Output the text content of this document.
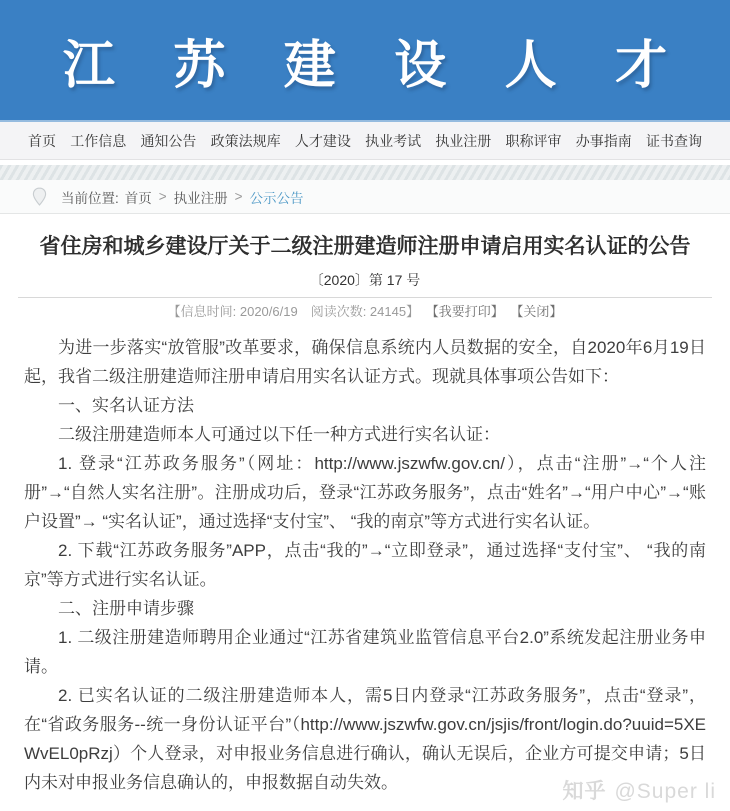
江 苏 建 设 人 才
首页 工作信息 通知公告 政策法规库 人才建设 执业考试 执业注册 职称评审 办事指南 证书查询
当前位置: 首页 > 执业注册 > 公示公告
省住房和城乡建设厅关于二级注册建造师注册申请启用实名认证的公告
〔2020〕第 17 号
【信息时间: 2020/6/19　阅读次数: 24145】 【我要打印】 【关闭】

为进一步落实“放管服”改革要求，确保信息系统内人员数据的安全，自2020年6月19日起，我省二级注册建造师注册申请启用实名认证方式。现就具体事项公告如下：

一、实名认证方法

二级注册建造师本人可通过以下任一种方式进行实名认证：

1. 登录“江苏政务服务”（网址：http://www.jszwfw.gov.cn/），点击“注册”→“个人注册”→“自然人实名注册”。注册成功后，登录“江苏政务服务”，点击“姓名”→“用户中心”→“账户设置”→ “实名认证”，通过选择“支付宝”、 “我的南京”等方式进行实名认证。

2. 下载“江苏政务服务”APP，点击“我的”→“立即登录”，通过选择“支付宝”、 “我的南京”等方式进行实名认证。

二、注册申请步骤

1. 二级注册建造师聘用企业通过“江苏省建筑业监管信息平台2.0”系统发起注册业务申请。

2. 已实名认证的二级注册建造师本人，需5日内登录“江苏政务服务”，点击“登录”，在“省政务服务--统一身份认证平台”（http://www.jszwfw.gov.cn/jsjis/front/login.do?uuid=5XEWvEL0pRzj）个人登录，对申报业务信息进行确认，确认无误后，企业方可提交申请；5日内未对申报业务信息确认的，申报数据自动失效。	知乎 @Super li
